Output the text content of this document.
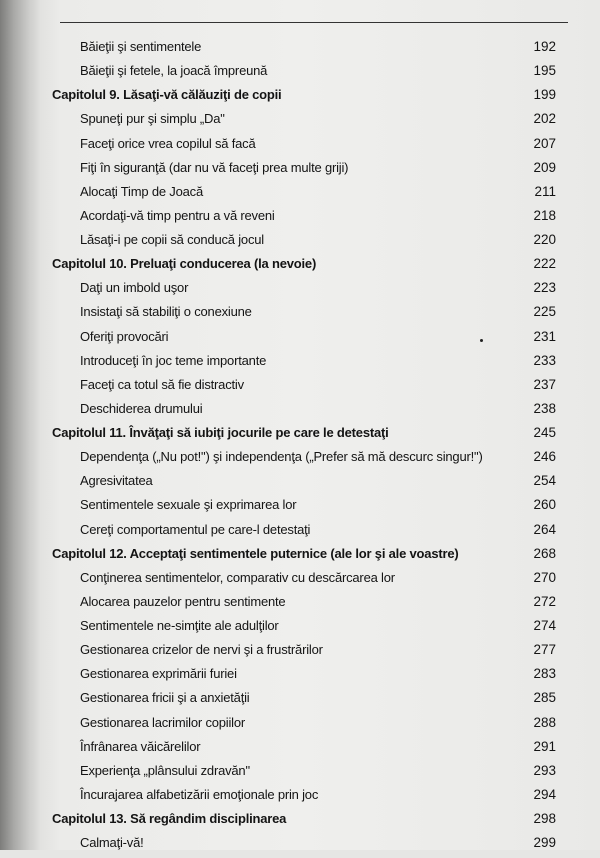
Băieţii şi sentimentele	192
Băieţii şi fetele, la joacă împreună	195
Capitolul 9. Lăsaţi-vă călăuziţi de copii	199
Spuneţi pur şi simplu „Da"	202
Faceţi orice vrea copilul să facă	207
Fiţi în siguranţă (dar nu vă faceţi prea multe griji)	209
Alocaţi Timp de Joacă	211
Acordaţi-vă timp pentru a vă reveni	218
Lăsaţi-i pe copii să conducă jocul	220
Capitolul 10. Preluaţi conducerea (la nevoie)	222
Daţi un imbold uşor	223
Insistaţi să stabiliţi o conexiune	225
Oferiţi provocări	231
Introduceţi în joc teme importante	233
Faceţi ca totul să fie distractiv	237
Deschiderea drumului	238
Capitolul 11. Învăţaţi să iubiţi jocurile pe care le detestaţi	245
Dependenţa („Nu pot!") şi independenţa („Prefer să mă descurc singur!")	246
Agresivitatea	254
Sentimentele sexuale şi exprimarea lor	260
Cereţi comportamentul pe care-l detestaţi	264
Capitolul 12. Acceptaţi sentimentele puternice (ale lor şi ale voastre)	268
Conţinerea sentimentelor, comparativ cu descărcarea lor	270
Alocarea pauzelor pentru sentimente	272
Sentimentele ne-simţite ale adulţilor	274
Gestionarea crizelor de nervi şi a frustrărilor	277
Gestionarea exprimării furiei	283
Gestionarea fricii şi a anxietăţii	285
Gestionarea lacrimilor copiilor	288
Înfrânarea văicărelilor	291
Experienţa „plânsului zdravăn"	293
Încurajarea alfabetizării emoţionale prin joc	294
Capitolul 13. Să regândim disciplinarea	298
Calmaţi-vă!	299
